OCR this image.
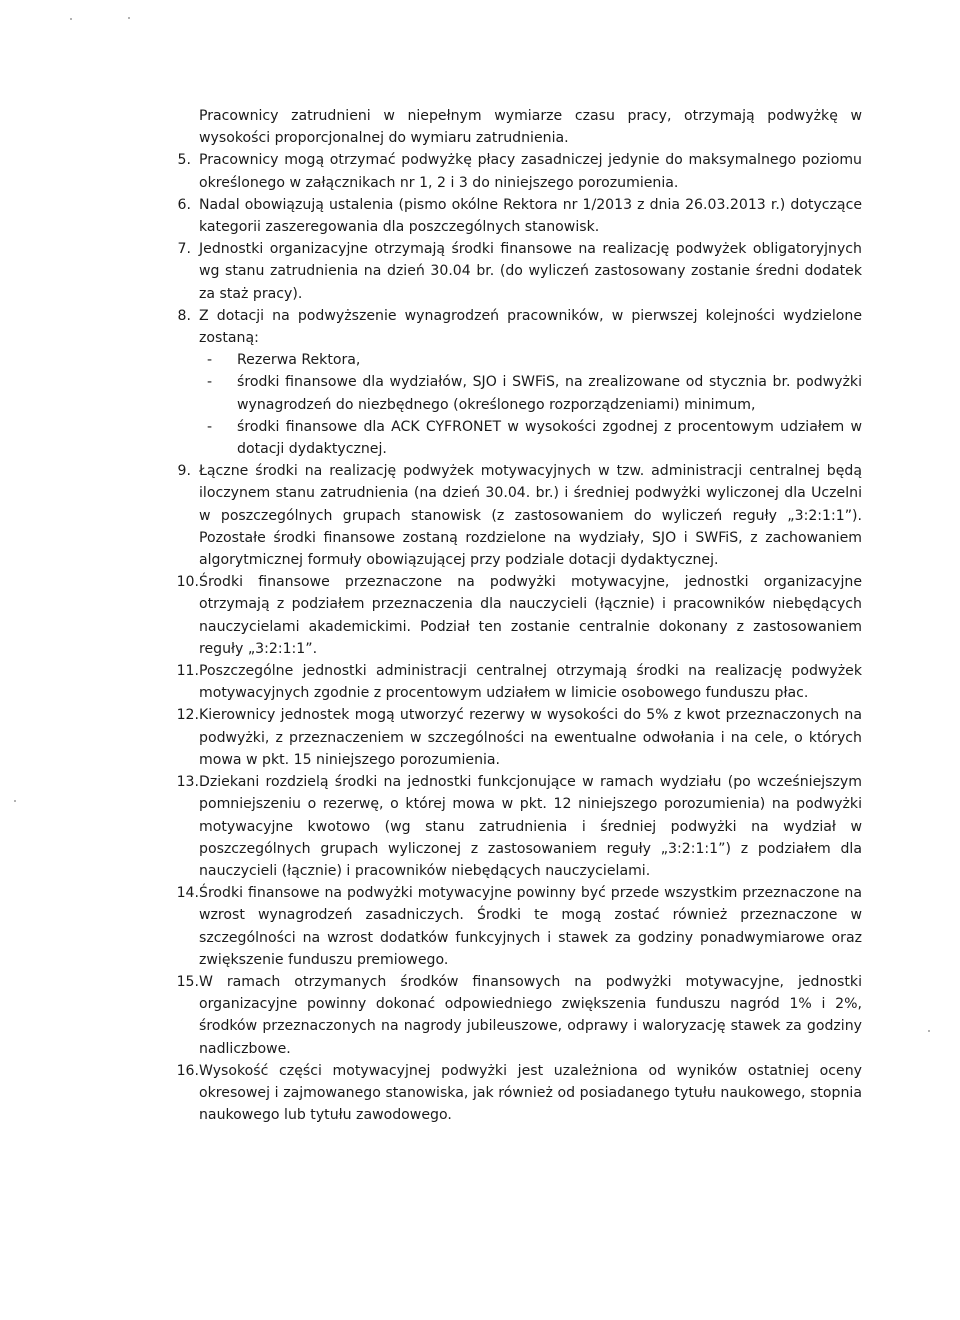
Pracownicy zatrudnieni w niepełnym wymiarze czasu pracy, otrzymają podwyżkę w wysokości proporcjonalnej do wymiaru zatrudnienia.

5. Pracownicy mogą otrzymać podwyżkę płacy zasadniczej jedynie do maksymalnego poziomu określonego w załącznikach nr 1, 2 i 3 do niniejszego porozumienia.
6. Nadal obowiązują ustalenia (pismo okólne Rektora nr 1/2013 z dnia 26.03.2013 r.) dotyczące kategorii zaszeregowania dla poszczególnych stanowisk.
7. Jednostki organizacyjne otrzymają środki finansowe na realizację podwyżek obligatoryjnych wg stanu zatrudnienia na dzień 30.04 br. (do wyliczeń zastosowany zostanie średni dodatek za staż pracy).
8. Z dotacji na podwyższenie wynagrodzeń pracowników, w pierwszej kolejności wydzielone zostaną:
-	Rezerwa Rektora,
-	środki finansowe dla wydziałów, SJO i SWFiS, na zrealizowane od stycznia br. podwyżki wynagrodzeń do niezbędnego (określonego rozporządzeniami) minimum,
-	środki finansowe dla ACK CYFRONET w wysokości zgodnej z procentowym udziałem w dotacji dydaktycznej.
9. Łączne środki na realizację podwyżek motywacyjnych w tzw. administracji centralnej będą iloczynem stanu zatrudnienia (na dzień 30.04. br.) i średniej podwyżki wyliczonej dla Uczelni w poszczególnych grupach stanowisk (z zastosowaniem do wyliczeń reguły „3:2:1:1”). Pozostałe środki finansowe zostaną rozdzielone na wydziały, SJO i SWFiS, z zachowaniem algorytmicznej formuły obowiązującej przy podziale dotacji dydaktycznej.
10. Środki finansowe przeznaczone na podwyżki motywacyjne, jednostki organizacyjne otrzymają z podziałem przeznaczenia dla nauczycieli (łącznie) i pracowników niebędących nauczycielami akademickimi. Podział ten zostanie centralnie dokonany z zastosowaniem reguły „3:2:1:1”.
11. Poszczególne jednostki administracji centralnej otrzymają środki na realizację podwyżek motywacyjnych zgodnie z procentowym udziałem w limicie osobowego funduszu płac.
12. Kierownicy jednostek mogą utworzyć rezerwy w wysokości do 5% z kwot przeznaczonych na podwyżki, z przeznaczeniem w szczególności na ewentualne odwołania i na cele, o których mowa w pkt. 15 niniejszego porozumienia.
13. Dziekani rozdzielą środki na jednostki funkcjonujące w ramach wydziału (po wcześniejszym pomniejszeniu o rezerwę, o której mowa w pkt. 12 niniejszego porozumienia) na podwyżki motywacyjne kwotowo (wg stanu zatrudnienia i średniej podwyżki na wydział w poszczególnych grupach wyliczonej z zastosowaniem reguły „3:2:1:1”) z podziałem dla nauczycieli (łącznie) i pracowników niebędących nauczycielami.
14. Środki finansowe na podwyżki motywacyjne powinny być przede wszystkim przeznaczone na wzrost wynagrodzeń zasadniczych. Środki te mogą zostać również przeznaczone w szczególności na wzrost dodatków funkcyjnych i stawek za godziny ponadwymiarowe oraz zwiększenie funduszu premiowego.
15. W ramach otrzymanych środków finansowych na podwyżki motywacyjne, jednostki organizacyjne powinny dokonać odpowiedniego zwiększenia funduszu nagród 1% i 2%, środków przeznaczonych na nagrody jubileuszowe, odprawy i waloryzację stawek za godziny nadliczbowe.
16. Wysokość części motywacyjnej podwyżki jest uzależniona od wyników ostatniej oceny okresowej i zajmowanego stanowiska, jak również od posiadanego tytułu naukowego, stopnia naukowego lub tytułu zawodowego.
